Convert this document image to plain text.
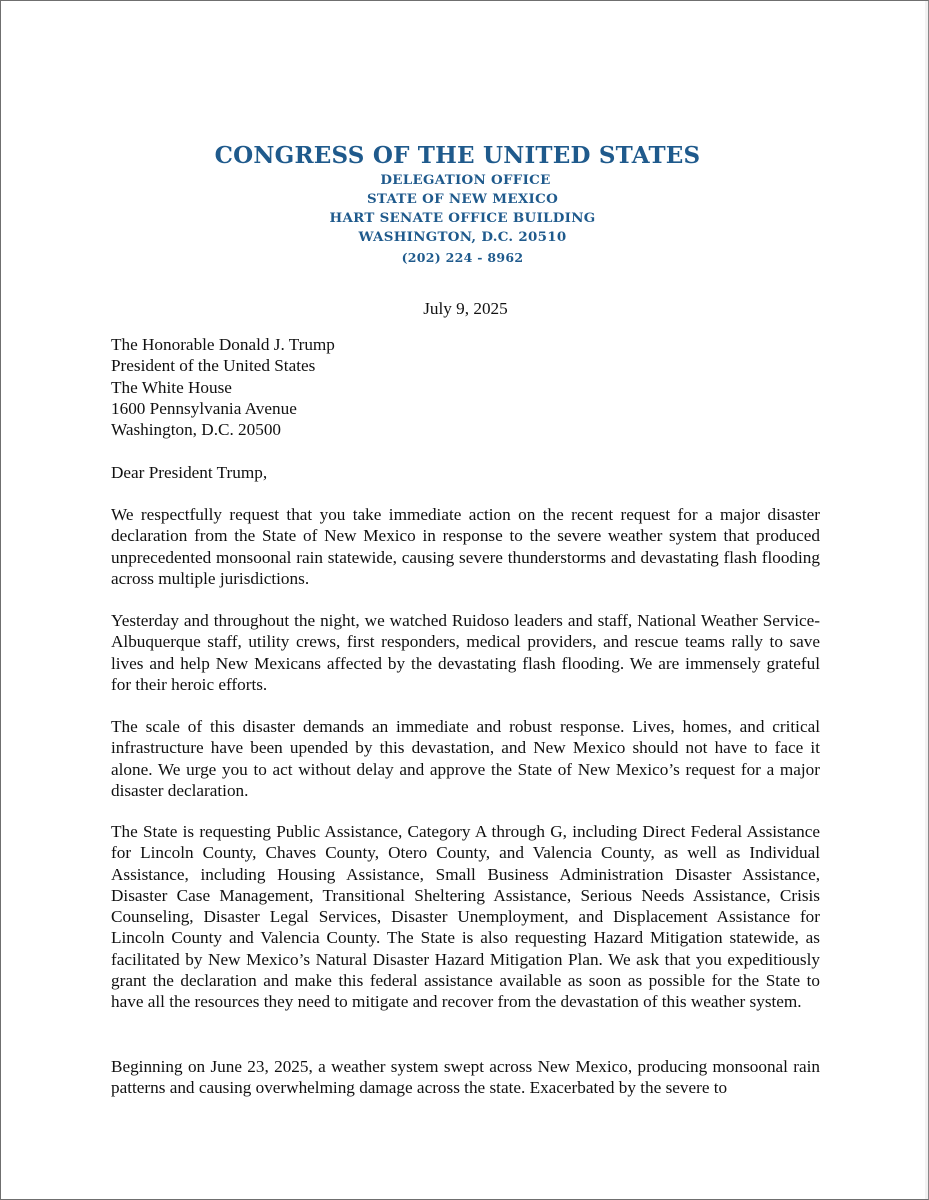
CONGRESS OF THE UNITED STATES
DELEGATION OFFICE
STATE OF NEW MEXICO
HART SENATE OFFICE BUILDING
WASHINGTON, D.C. 20510
(202) 224 - 8962
July 9, 2025
The Honorable Donald J. Trump
President of the United States
The White House
1600 Pennsylvania Avenue
Washington, D.C. 20500
Dear President Trump,

We respectfully request that you take immediate action on the recent request for a major disaster declaration from the State of New Mexico in response to the severe weather system that produced unprecedented monsoonal rain statewide, causing severe thunderstorms and devastating flash flooding across multiple jurisdictions.

Yesterday and throughout the night, we watched Ruidoso leaders and staff, National Weather Service-Albuquerque staff, utility crews, first responders, medical providers, and rescue teams rally to save lives and help New Mexicans affected by the devastating flash flooding. We are immensely grateful for their heroic efforts.

The scale of this disaster demands an immediate and robust response. Lives, homes, and critical infrastructure have been upended by this devastation, and New Mexico should not have to face it alone. We urge you to act without delay and approve the State of New Mexico’s request for a major disaster declaration.

The State is requesting Public Assistance, Category A through G, including Direct Federal Assistance for Lincoln County, Chaves County, Otero County, and Valencia County, as well as Individual Assistance, including Housing Assistance, Small Business Administration Disaster Assistance, Disaster Case Management, Transitional Sheltering Assistance, Serious Needs Assistance, Crisis Counseling, Disaster Legal Services, Disaster Unemployment, and Displacement Assistance for Lincoln County and Valencia County. The State is also requesting Hazard Mitigation statewide, as facilitated by New Mexico’s Natural Disaster Hazard Mitigation Plan. We ask that you expeditiously grant the declaration and make this federal assistance available as soon as possible for the State to have all the resources they need to mitigate and recover from the devastation of this weather system.

Beginning on June 23, 2025, a weather system swept across New Mexico, producing monsoonal rain patterns and causing overwhelming damage across the state. Exacerbated by the severe to
